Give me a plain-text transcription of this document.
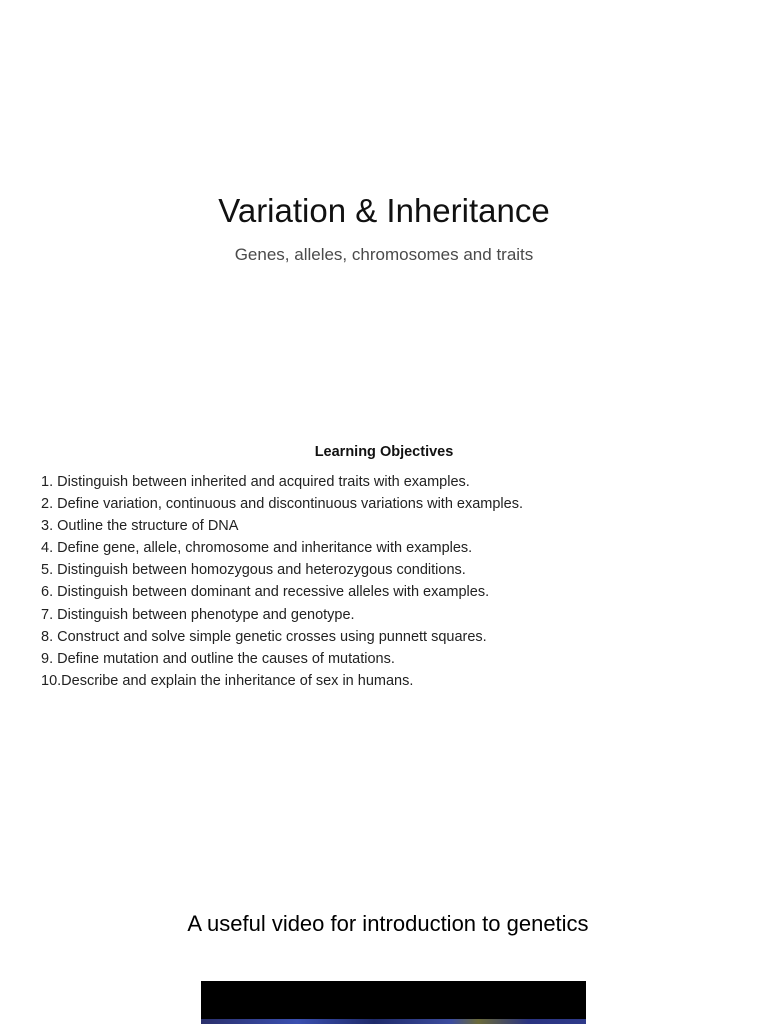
Variation & Inheritance

Genes, alleles, chromosomes and traits

Learning Objectives

1. Distinguish between inherited and acquired traits with examples.
2. Define variation, continuous and discontinuous variations with examples.
3. Outline the structure of DNA
4. Define gene, allele, chromosome and inheritance with examples.
5. Distinguish between homozygous and heterozygous conditions.
6. Distinguish between dominant and recessive alleles with examples.
7. Distinguish between phenotype and genotype.
8. Construct and solve simple genetic crosses using punnett squares.
9. Define mutation and outline the causes of mutations.
10.Describe and explain the inheritance of sex in humans.

A useful video for introduction to genetics
